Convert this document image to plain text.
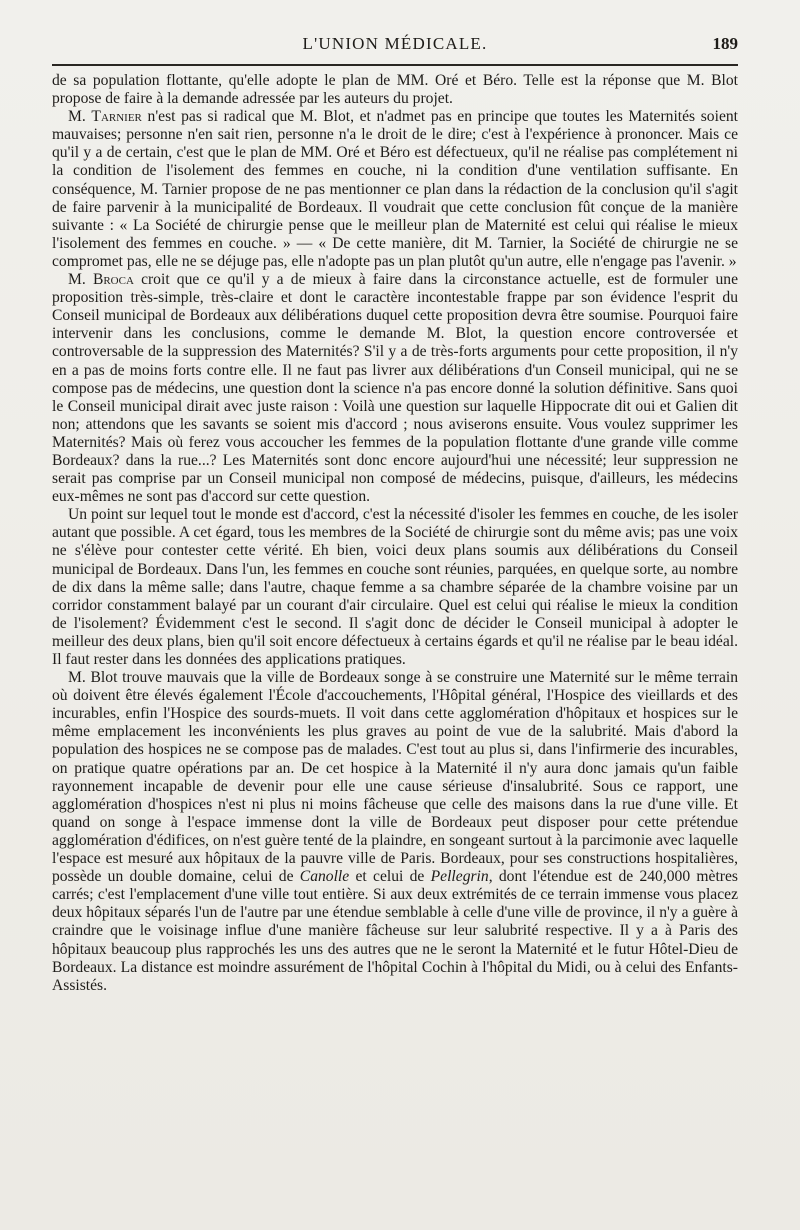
L'UNION MÉDICALE.	189

de sa population flottante, qu'elle adopte le plan de MM. Oré et Béro. Telle est la réponse que M. Blot propose de faire à la demande adressée par les auteurs du projet.

M. Tarnier n'est pas si radical que M. Blot, et n'admet pas en principe que toutes les Maternités soient mauvaises; personne n'en sait rien, personne n'a le droit de le dire; c'est à l'expérience à prononcer. Mais ce qu'il y a de certain, c'est que le plan de MM. Oré et Béro est défectueux, qu'il ne réalise pas complétement ni la condition de l'isolement des femmes en couche, ni la condition d'une ventilation suffisante. En conséquence, M. Tarnier propose de ne pas mentionner ce plan dans la rédaction de la conclusion qu'il s'agit de faire parvenir à la municipalité de Bordeaux. Il voudrait que cette conclusion fût conçue de la manière suivante : « La Société de chirurgie pense que le meilleur plan de Maternité est celui qui réalise le mieux l'isolement des femmes en couche. » — « De cette manière, dit M. Tarnier, la Société de chirurgie ne se compromet pas, elle ne se déjuge pas, elle n'adopte pas un plan plutôt qu'un autre, elle n'engage pas l'avenir. »

M. Broca croit que ce qu'il y a de mieux à faire dans la circonstance actuelle, est de formuler une proposition très-simple, très-claire et dont le caractère incontestable frappe par son évidence l'esprit du Conseil municipal de Bordeaux aux délibérations duquel cette proposition devra être soumise. Pourquoi faire intervenir dans les conclusions, comme le demande M. Blot, la question encore controversée et controversable de la suppression des Maternités? S'il y a de très-forts arguments pour cette proposition, il n'y en a pas de moins forts contre elle. Il ne faut pas livrer aux délibérations d'un Conseil municipal, qui ne se compose pas de médecins, une question dont la science n'a pas encore donné la solution définitive. Sans quoi le Conseil municipal dirait avec juste raison : Voilà une question sur laquelle Hippocrate dit oui et Galien dit non; attendons que les savants se soient mis d'accord ; nous aviserons ensuite. Vous voulez supprimer les Maternités? Mais où ferez vous accoucher les femmes de la population flottante d'une grande ville comme Bordeaux? dans la rue...? Les Maternités sont donc encore aujourd'hui une nécessité; leur suppression ne serait pas comprise par un Conseil municipal non composé de médecins, puisque, d'ailleurs, les médecins eux-mêmes ne sont pas d'accord sur cette question.

Un point sur lequel tout le monde est d'accord, c'est la nécessité d'isoler les femmes en couche, de les isoler autant que possible. A cet égard, tous les membres de la Société de chirurgie sont du même avis; pas une voix ne s'élève pour contester cette vérité. Eh bien, voici deux plans soumis aux délibérations du Conseil municipal de Bordeaux. Dans l'un, les femmes en couche sont réunies, parquées, en quelque sorte, au nombre de dix dans la même salle; dans l'autre, chaque femme a sa chambre séparée de la chambre voisine par un corridor constamment balayé par un courant d'air circulaire. Quel est celui qui réalise le mieux la condition de l'isolement? Évidemment c'est le second. Il s'agit donc de décider le Conseil municipal à adopter le meilleur des deux plans, bien qu'il soit encore défectueux à certains égards et qu'il ne réalise par le beau idéal. Il faut rester dans les données des applications pratiques.

M. Blot trouve mauvais que la ville de Bordeaux songe à se construire une Maternité sur le même terrain où doivent être élevés également l'École d'accouchements, l'Hôpital général, l'Hospice des vieillards et des incurables, enfin l'Hospice des sourds-muets. Il voit dans cette agglomération d'hôpitaux et hospices sur le même emplacement les inconvénients les plus graves au point de vue de la salubrité. Mais d'abord la population des hospices ne se compose pas de malades. C'est tout au plus si, dans l'infirmerie des incurables, on pratique quatre opérations par an. De cet hospice à la Maternité il n'y aura donc jamais qu'un faible rayonnement incapable de devenir pour elle une cause sérieuse d'insalubrité. Sous ce rapport, une agglomération d'hospices n'est ni plus ni moins fâcheuse que celle des maisons dans la rue d'une ville. Et quand on songe à l'espace immense dont la ville de Bordeaux peut disposer pour cette prétendue agglomération d'édifices, on n'est guère tenté de la plaindre, en songeant surtout à la parcimonie avec laquelle l'espace est mesuré aux hôpitaux de la pauvre ville de Paris. Bordeaux, pour ses constructions hospitalières, possède un double domaine, celui de Canolle et celui de Pellegrin, dont l'étendue est de 240,000 mètres carrés; c'est l'emplacement d'une ville tout entière. Si aux deux extrémités de ce terrain immense vous placez deux hôpitaux séparés l'un de l'autre par une étendue semblable à celle d'une ville de province, il n'y a guère à craindre que le voisinage influe d'une manière fâcheuse sur leur salubrité respective. Il y a à Paris des hôpitaux beaucoup plus rapprochés les uns des autres que ne le seront la Maternité et le futur Hôtel-Dieu de Bordeaux. La distance est moindre assurément de l'hôpital Cochin à l'hôpital du Midi, ou à celui des Enfants-Assistés.
